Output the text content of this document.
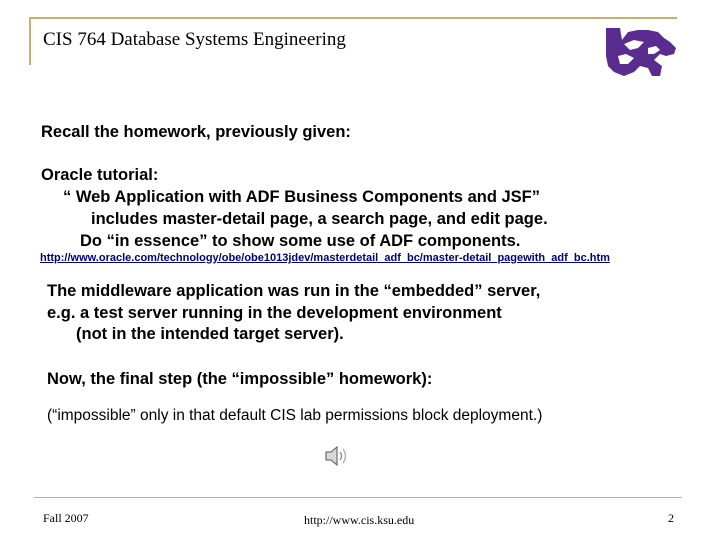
CIS 764 Database Systems Engineering
Recall the homework, previously given:
Oracle tutorial:
“ Web Application with ADF Business Components and JSF”
includes master-detail page, a search page, and edit page.
Do “in essence” to show some use of ADF components.
http://www.oracle.com/technology/obe/obe1013jdev/masterdetail_adf_bc/master-detail_pagewith_adf_bc.htm
The middleware application was run in the “embedded” server,
e.g. a test server running in the development environment
(not in the intended target server).
Now, the final step (the “impossible” homework):
(“impossible” only in that default CIS lab permissions block deployment.)
Fall 2007	http://www.cis.ksu.edu	2
